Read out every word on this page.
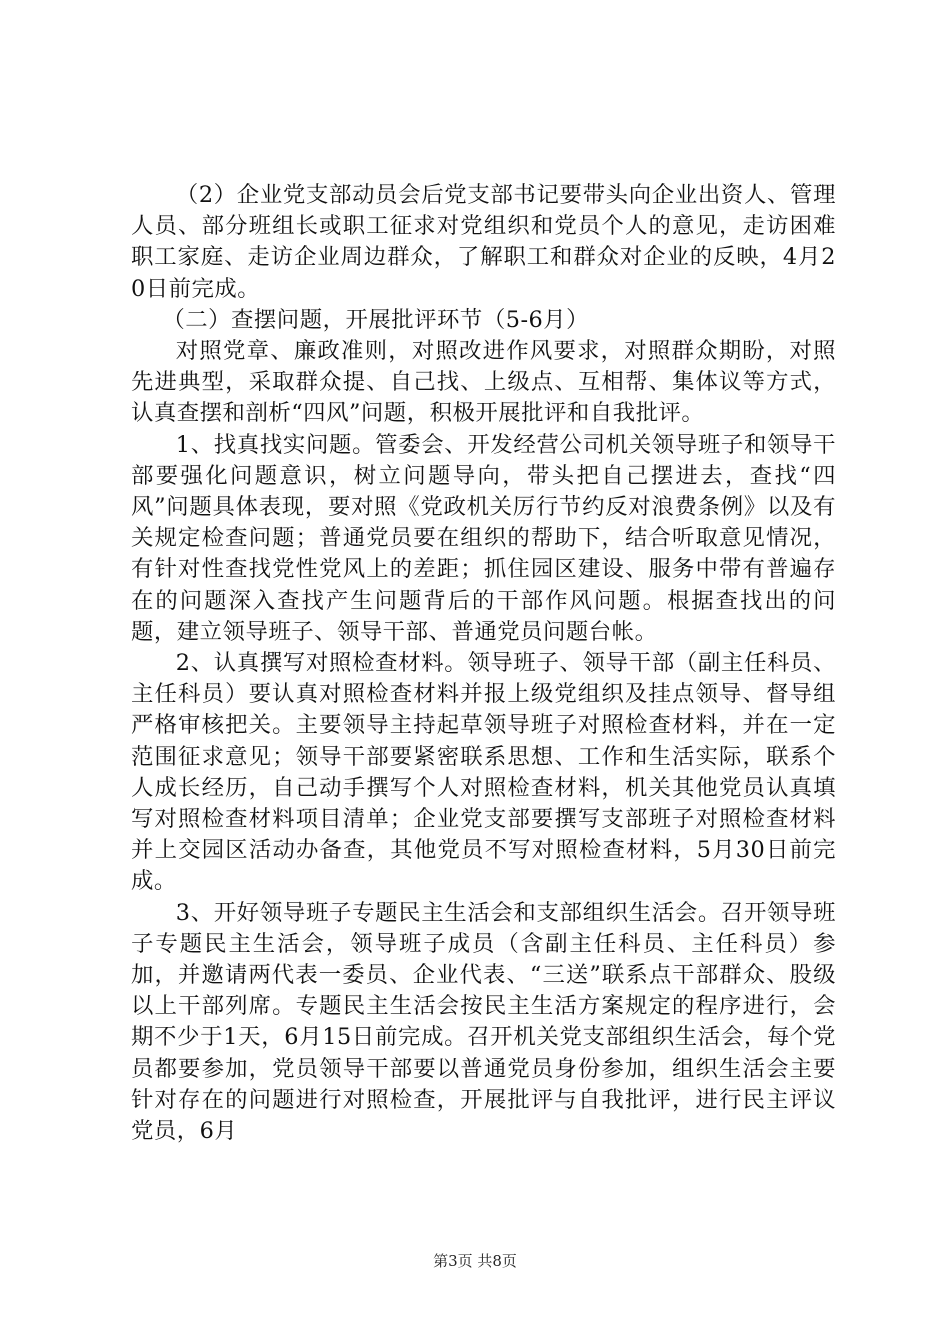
（2）企业党支部动员会后党支部书记要带头向企业出资人、管理人员、部分班组长或职工征求对党组织和党员个人的意见，走访困难职工家庭、走访企业周边群众，了解职工和群众对企业的反映，4月20日前完成。

（二）查摆问题，开展批评环节（5-6月）

对照党章、廉政准则，对照改进作风要求，对照群众期盼，对照先进典型，采取群众提、自己找、上级点、互相帮、集体议等方式，认真查摆和剖析“四风”问题，积极开展批评和自我批评。

1、找真找实问题。管委会、开发经营公司机关领导班子和领导干部要强化问题意识，树立问题导向，带头把自己摆进去，查找“四风”问题具体表现，要对照《党政机关厉行节约反对浪费条例》以及有关规定检查问题；普通党员要在组织的帮助下，结合听取意见情况，有针对性查找党性党风上的差距；抓住园区建设、服务中带有普遍存在的问题深入查找产生问题背后的干部作风问题。根据查找出的问题，建立领导班子、领导干部、普通党员问题台帐。

2、认真撰写对照检查材料。领导班子、领导干部（副主任科员、主任科员）要认真对照检查材料并报上级党组织及挂点领导、督导组严格审核把关。主要领导主持起草领导班子对照检查材料，并在一定范围征求意见；领导干部要紧密联系思想、工作和生活实际，联系个人成长经历，自己动手撰写个人对照检查材料，机关其他党员认真填写对照检查材料项目清单；企业党支部要撰写支部班子对照检查材料并上交园区活动办备查，其他党员不写对照检查材料，5月30日前完成。

3、开好领导班子专题民主生活会和支部组织生活会。召开领导班子专题民主生活会，领导班子成员（含副主任科员、主任科员）参加，并邀请两代表一委员、企业代表、“三送”联系点干部群众、股级以上干部列席。专题民主生活会按民主生活方案规定的程序进行，会期不少于1天，6月15日前完成。召开机关党支部组织生活会，每个党员都要参加，党员领导干部要以普通党员身份参加，组织生活会主要针对存在的问题进行对照检查，开展批评与自我批评，进行民主评议党员，6月

第3页 共8页
